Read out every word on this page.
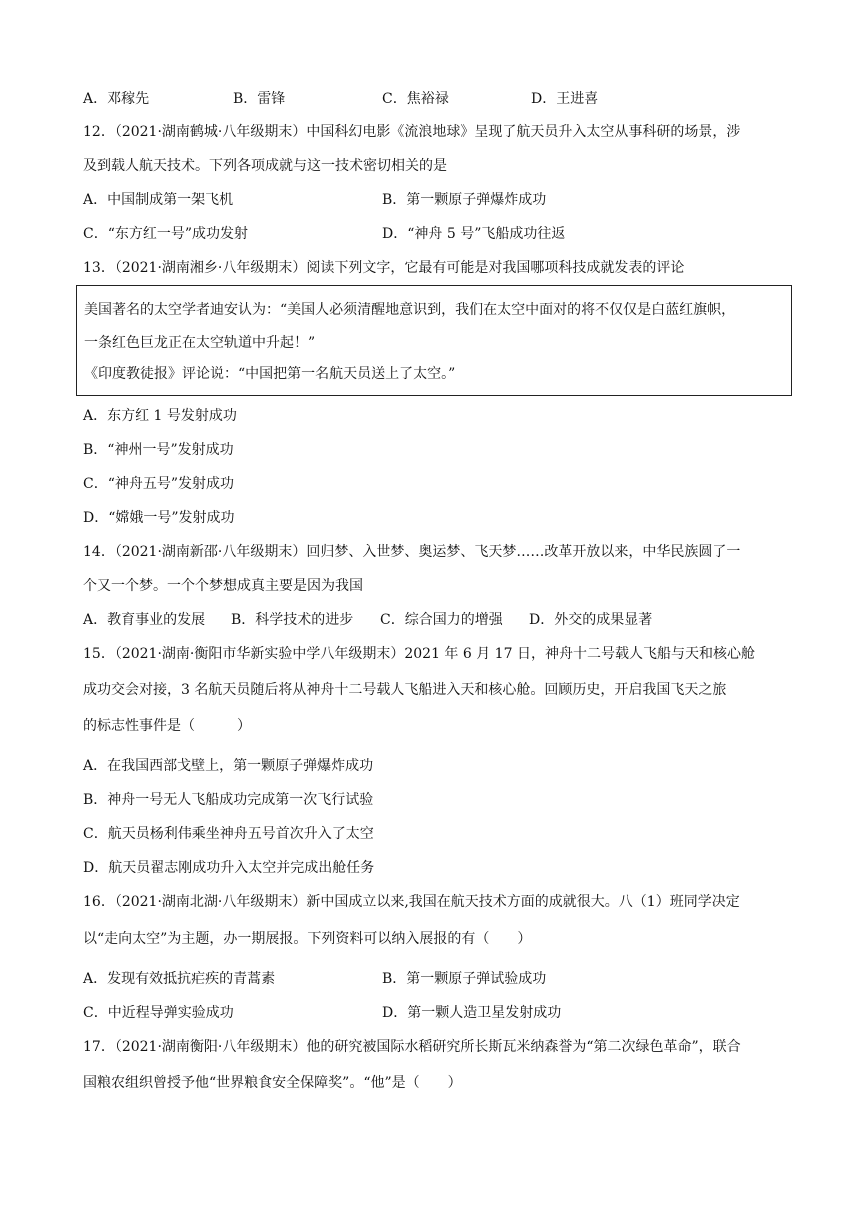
A．邓稼先	B．雷锋	C．焦裕禄	D．王进喜
12．（2021·湖南鹤城·八年级期末）中国科幻电影《流浪地球》呈现了航天员升入太空从事科研的场景，涉
及到载人航天技术。下列各项成就与这一技术密切相关的是
A．中国制成第一架飞机	B．第一颗原子弹爆炸成功
C．“东方红一号”成功发射	D．“神舟 5 号”飞船成功往返
13．（2021·湖南湘乡·八年级期末）阅读下列文字，它最有可能是对我国哪项科技成就发表的评论
美国著名的太空学者迪安认为：“美国人必须清醒地意识到，我们在太空中面对的将不仅仅是白蓝红旗帜，
一条红色巨龙正在太空轨道中升起！”
《印度教徒报》评论说：“中国把第一名航天员送上了太空。”
A．东方红 1 号发射成功
B．“神州一号”发射成功
C．“神舟五号”发射成功
D．“嫦娥一号”发射成功
14．（2021·湖南新邵·八年级期末）回归梦、入世梦、奥运梦、飞天梦……改革开放以来，中华民族圆了一
个又一个梦。一个个梦想成真主要是因为我国
A．教育事业的发展 B．科学技术的进步 C．综合国力的增强 D．外交的成果显著
15．（2021·湖南·衡阳市华新实验中学八年级期末）2021 年 6 月 17 日，神舟十二号载人飞船与天和核心舱
成功交会对接，3 名航天员随后将从神舟十二号载人飞船进入天和核心舱。回顾历史，开启我国飞天之旅
的标志性事件是（　　　）
A．在我国西部戈壁上，第一颗原子弹爆炸成功
B．神舟一号无人飞船成功完成第一次飞行试验
C．航天员杨利伟乘坐神舟五号首次升入了太空
D．航天员翟志刚成功升入太空并完成出舱任务
16．（2021·湖南北湖·八年级期末）新中国成立以来,我国在航天技术方面的成就很大。八（1）班同学决定
以“走向太空”为主题，办一期展报。下列资料可以纳入展报的有（　　）
A．发现有效抵抗疟疾的青蒿素	B．第一颗原子弹试验成功
C．中近程导弹实验成功	D．第一颗人造卫星发射成功
17．（2021·湖南衡阳·八年级期末）他的研究被国际水稻研究所长斯瓦米纳森誉为“第二次绿色革命”，联合
国粮农组织曾授予他“世界粮食安全保障奖”。“他”是（　　）
